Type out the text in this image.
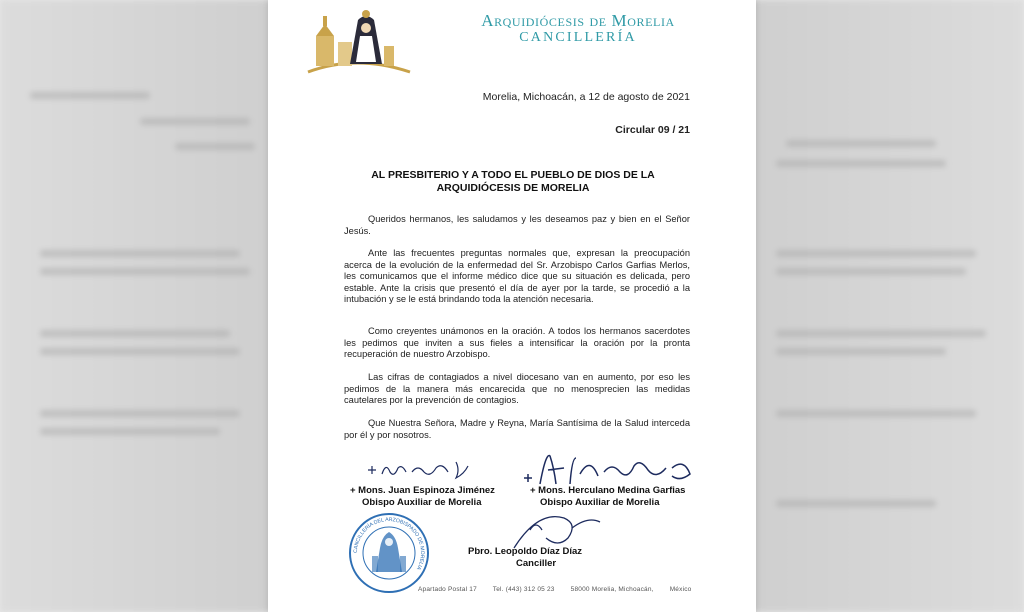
Arquidiócesis de Morelia
CANCILLERÍA
Morelia, Michoacán, a 12 de agosto de 2021
Circular 09 / 21
AL PRESBITERIO Y A TODO EL PUEBLO DE DIOS DE LA
ARQUIDIÓCESIS DE MORELIA

Queridos hermanos, les saludamos y les deseamos paz y bien en el Señor Jesús.

Ante las frecuentes preguntas normales que, expresan la preocupación acerca de la evolución de la enfermedad del Sr. Arzobispo Carlos Garfias Merlos, les comunicamos que el informe médico dice que su situación es delicada, pero estable. Ante la crisis que presentó el día de ayer por la tarde, se procedió a la intubación y se le está brindando toda la atención necesaria.

Como creyentes unámonos en la oración. A todos los hermanos sacerdotes les pedimos que inviten a sus fieles a intensificar la oración por la pronta recuperación de nuestro Arzobispo.

Las cifras de contagiados a nivel diocesano van en aumento, por eso les pedimos de la manera más encarecida que no menosprecien las medidas cautelares por la prevención de contagios.

Que Nuestra Señora, Madre y Reyna, María Santísima de la Salud interceda por él y por nosotros.

+ Mons. Juan Espinoza Jiménez
Obispo Auxiliar de Morelia
+ Mons. Herculano Medina Garfias
Obispo Auxiliar de Morelia
Pbro. Leopoldo Díaz Díaz
Canciller
CANCILLERÍA DEL ARZOBISPADO DE MORELIA
Apartado Postal 17 Tel. (443) 312 05 23 58000 Morelia, Michoacán, México
